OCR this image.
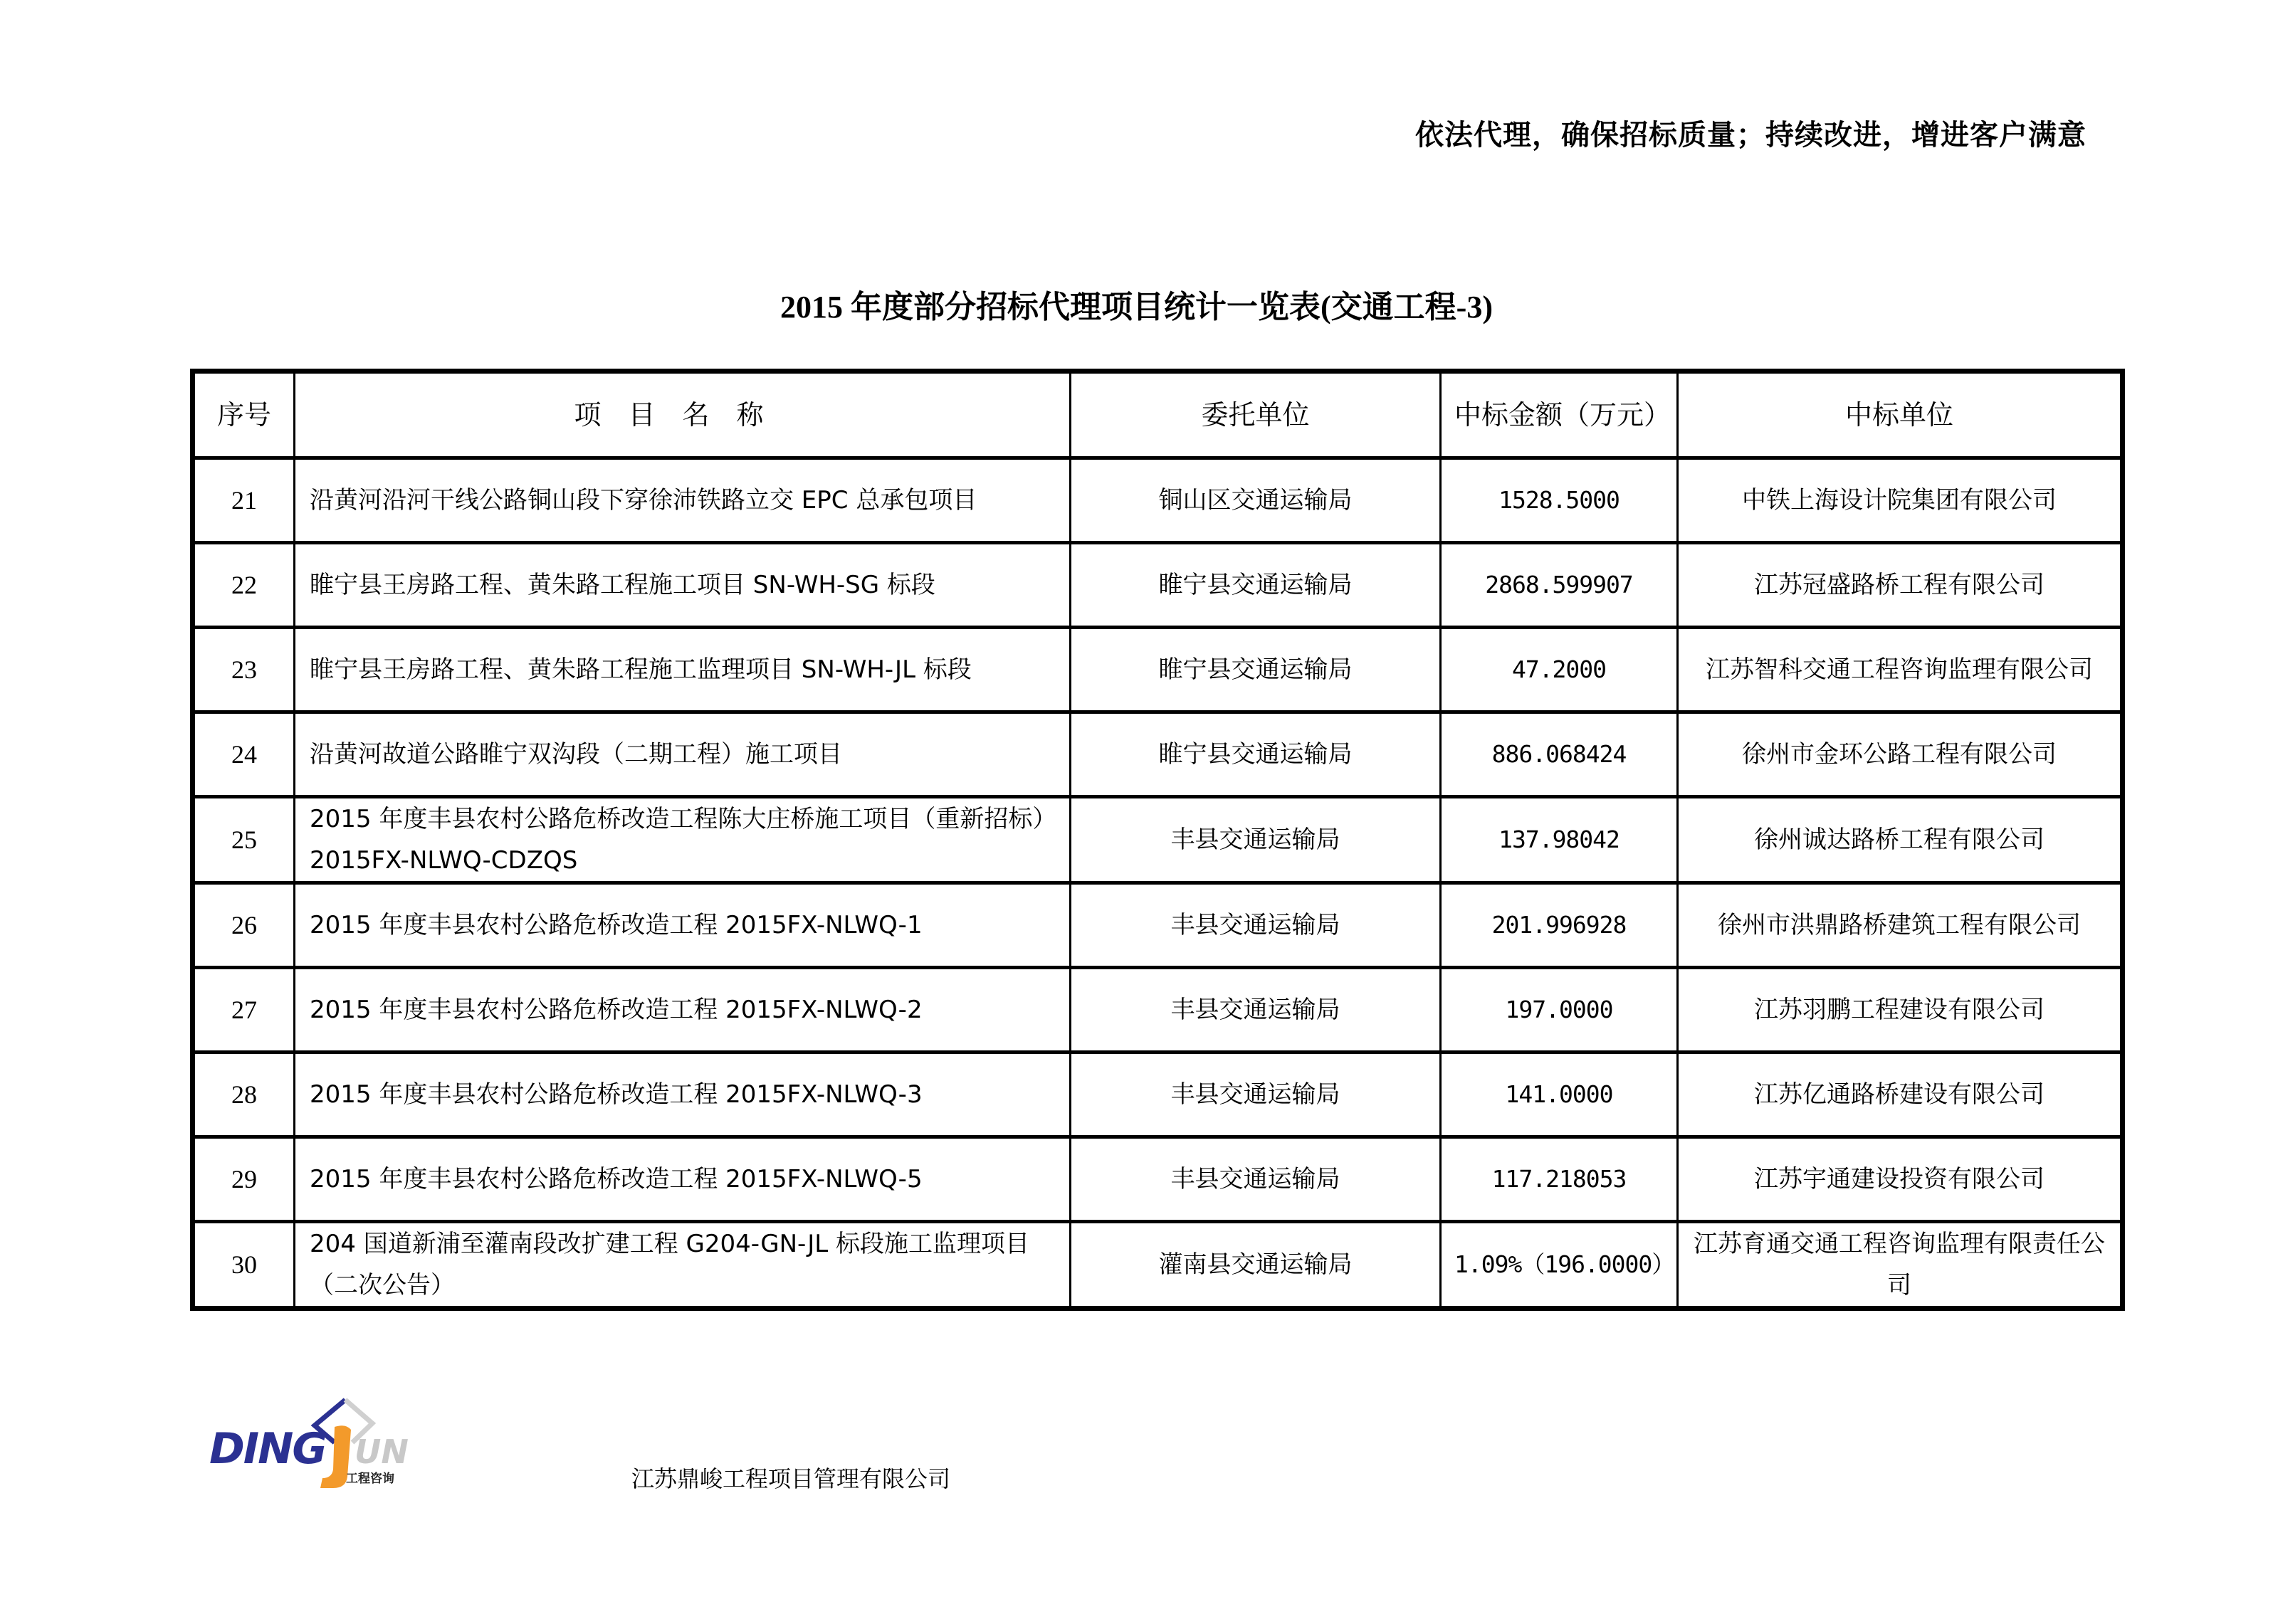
依法代理，确保招标质量；持续改进，增进客户满意
2015 年度部分招标代理项目统计一览表(交通工程-3)
序号	项目名称	委托单位	中标金额（万元）	中标单位
21	沿黄河沿河干线公路铜山段下穿徐沛铁路立交 EPC 总承包项目	铜山区交通运输局	1528.5000	中铁上海设计院集团有限公司
22	睢宁县王房路工程、黄朱路工程施工项目 SN-WH-SG 标段	睢宁县交通运输局	2868.599907	江苏冠盛路桥工程有限公司
23	睢宁县王房路工程、黄朱路工程施工监理项目 SN-WH-JL 标段	睢宁县交通运输局	47.2000	江苏智科交通工程咨询监理有限公司
24	沿黄河故道公路睢宁双沟段（二期工程）施工项目	睢宁县交通运输局	886.068424	徐州市金环公路工程有限公司
25	2015 年度丰县农村公路危桥改造工程陈大庄桥施工项目（重新招标）2015FX-NLWQ-CDZQS	丰县交通运输局	137.98042	徐州诚达路桥工程有限公司
26	2015 年度丰县农村公路危桥改造工程 2015FX-NLWQ-1	丰县交通运输局	201.996928	徐州市洪鼎路桥建筑工程有限公司
27	2015 年度丰县农村公路危桥改造工程 2015FX-NLWQ-2	丰县交通运输局	197.0000	江苏羽鹏工程建设有限公司
28	2015 年度丰县农村公路危桥改造工程 2015FX-NLWQ-3	丰县交通运输局	141.0000	江苏亿通路桥建设有限公司
29	2015 年度丰县农村公路危桥改造工程 2015FX-NLWQ-5	丰县交通运输局	117.218053	江苏宇通建设投资有限公司
30	204 国道新浦至灌南段改扩建工程 G204-GN-JL 标段施工监理项目（二次公告）	灌南县交通运输局	1.09%（196.0000）	江苏育通交通工程咨询监理有限责任公司
DING UN
工程咨询	江苏鼎峻工程项目管理有限公司
